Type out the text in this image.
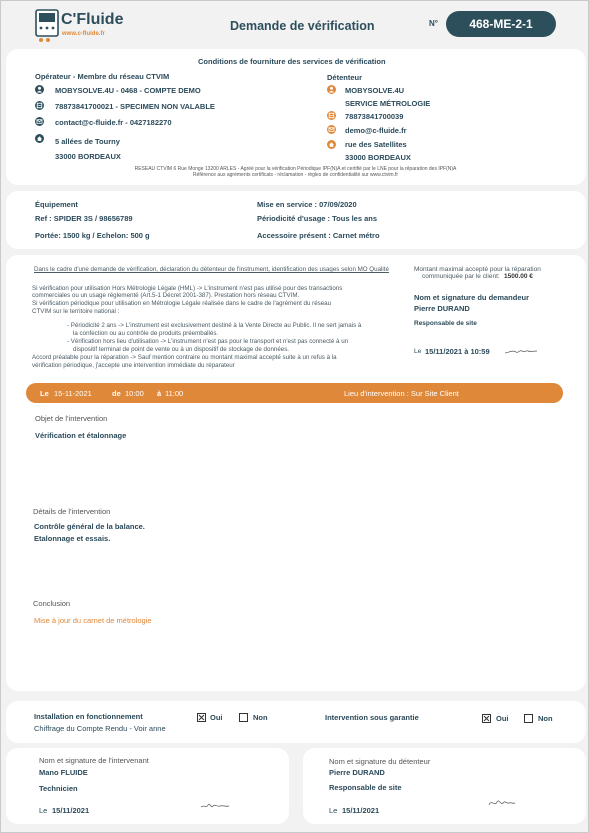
C'Fluide
www.c-fluide.fr
Demande de vérification	N°	468-ME-2-1
Conditions de fourniture des services de vérification
Opérateur - Membre du réseau CTVIM
MOBYSOLVE.4U - 0468 - COMPTE DEMO
78873841700021 - SPECIMEN NON VALABLE
contact@c-fluide.fr - 0427182270
5 allées de Tourny
33000 BORDEAUX
Détenteur
MOBYSOLVE.4U
SERVICE MÉTROLOGIE
78873841700039
demo@c-fluide.fr
rue des Satellites
33000 BORDEAUX
RESEAU CTVIM 6 Rue Monge 13200 ARLES - Agréé pour la vérification Périodique IPF(N)A et certifié par le LNE pour la réparation des IPF(N)A
Référence aux agréments certificats - réclamation - règles de confidentialité sur www.ctvim.fr
Équipement
Ref : SPIDER 3S / 98656789
Portée: 1500 kg / Echelon: 500 g
Mise en service : 07/09/2020
Périodicité d'usage : Tous les ans
Accessoire présent : Carnet métro
Dans le cadre d'une demande de vérification, déclaration du détenteur de l'instrument, identification des usages selon MO Qualité
Si vérification pour utilisation Hors Métrologie Légale (HML) -> L'instrument n'est pas utilisé pour des transactions
commerciales ou un usage réglementé (Art.5-1 Décret 2001-387). Prestation hors réseau CTVIM.
Si vérification périodique pour utilisation en Métrologie Légale réalisée dans le cadre de l'agrément du réseau
CTVIM sur le territoire national :
- Périodicité 2 ans -> L'instrument est exclusivement destiné à la Vente Directe au Public. Il ne sert jamais à
la confection ou au contrôle de produits préemballés.
- Vérification hors lieu d'utilisation -> L'instrument n'est pas pour le transport et n'est pas connecté à un
dispositif terminal de point de vente ou à un dispositif de stockage de données.
Accord préalable pour la réparation -> Sauf mention contraire ou montant maximal accepté suite à un refus à la
vérification périodique, j'accepte une intervention immédiate du réparateur
Montant maximal accepté pour la réparation
communiquée par le client: 1500.00 €
Nom et signature du demandeur
Pierre DURAND
Responsable de site
Le 15/11/2021 à 10:59
Le 15-11-2021	de 10:00 à 11:00	Lieu d'intervention : Sur Site Client
Objet de l'intervention
Vérification et étalonnage
Détails de l'intervention
Contrôle général de la balance.
Etalonnage et essais.
Conclusion
Mise à jour du carnet de métrologie
Installation en fonctionnement
Chiffrage du Compte Rendu - Voir anne
Oui	Non	Intervention sous garantie	Oui	Non
Nom et signature de l'intervenant
Mano FLUIDE
Technicien
Le 15/11/2021
Nom et signature du détenteur
Pierre DURAND
Responsable de site
Le 15/11/2021
